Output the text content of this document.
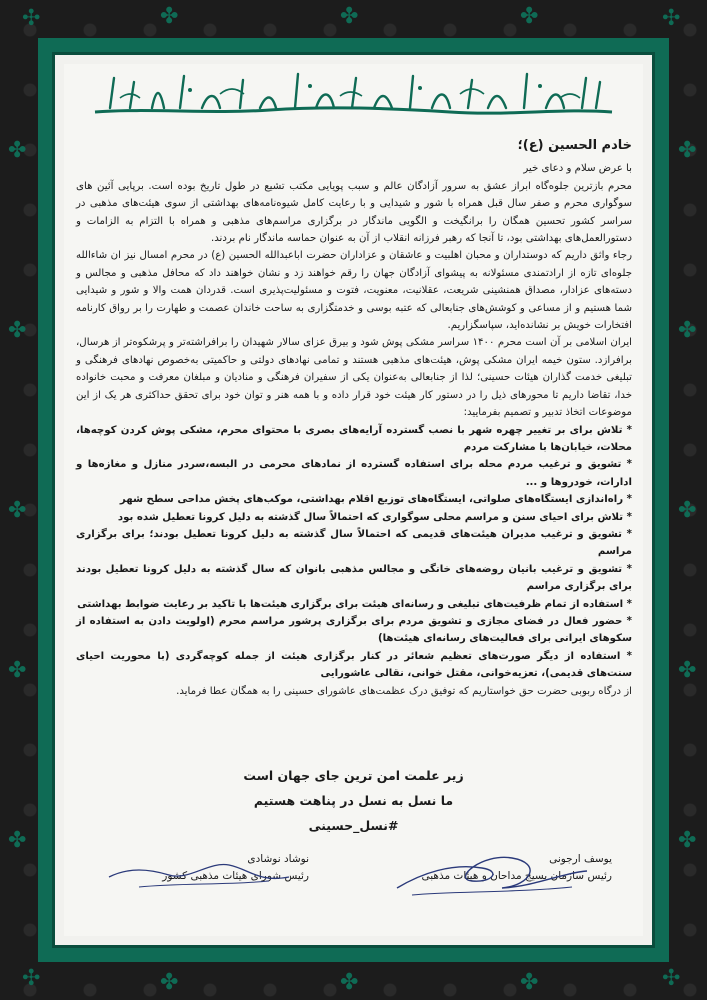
✣	✣
✣	✣
✤
✤
✤
✤
✤
✤
✤
✤
✤
✤
✤	✤	✤
✤	✤	✤

خادم الحسین (ع)؛

با عرض سلام و دعای خیر

محرم بازترین جلوه‌گاه ابراز عشق به سرور آزادگان عالم و سبب پویایی مکتب تشیع در طول تاریخ بوده است. برپایی آئین های سوگواری محرم و صفر سال قبل همراه با شور و شیدایی و با رعایت کامل شیوه‌نامه‌های بهداشتی از سوی هیئت‌های مذهبی در سراسر کشور تحسین همگان را برانگیخت و الگویی ماندگار در برگزاری مراسم‌های مذهبی و همراه با التزام به الزامات و دستورالعمل‌های بهداشتی بود، تا آنجا که رهبر فرزانه انقلاب از آن به عنوان حماسه ماندگار نام بردند.

رجاء واثق داریم که دوستداران و محبان اهلبیت و عاشقان و عزاداران حضرت اباعبدالله الحسین (ع) در محرم امسال نیز ان شاءالله جلوه‌ای تازه از ارادتمندی مسئولانه به پیشوای آزادگان جهان را رقم خواهند زد و نشان خواهند داد که محافل مذهبی و مجالس و دسته‌های عزادار، مصداق همنشینی شریعت، عقلانیت، معنویت، فتوت و مسئولیت‌پذیری است. قدردان همت والا و شور و شیدایی شما هستیم و از مساعی و کوشش‌های جنابعالی که عتبه بوسی و خدمتگزاری به ساحت خاندان عصمت و طهارت را بر رواق کارنامه افتخارات خویش بر نشانده‌اید، سپاسگزاریم.

ایران اسلامی بر آن است محرم ۱۴۰۰ سراسر مشکی پوش شود و بیرق عزای سالار شهیدان را برافراشته‌تر و پرشکوه‌تر از هرسال، برافرازد. ستون خیمه ایران مشکی پوش، هیئت‌های مذهبی هستند و تمامی نهادهای دولتی و حاکمیتی به‌خصوص نهادهای فرهنگی و تبلیغی خدمت گذاران هیئات حسینی؛ لذا از جنابعالی به‌عنوان یکی از سفیران فرهنگی و منادیان و مبلغان معرفت و محبت خانواده خدا، تقاضا داریم تا محورهای ذیل را در دستور کار هیئت خود قرار داده و با همه هنر و توان خود برای تحقق حداکثری هر یک از این موضوعات اتخاذ تدبیر و تصمیم بفرمایید:

* تلاش برای بر تغییر چهره شهر با نصب گسترده آرایه‌های بصری با محتوای محرم، مشکی پوش کردن کوچه‌ها، محلات، خیابان‌ها با مشارکت مردم

* تشویق و ترغیب مردم محله برای استفاده گسترده از نمادهای محرمی در البسه،سردر منازل و مغازه‌ها و ادارات، خودروها و ...

* راه‌اندازی ایستگاه‌های صلواتی، ایستگاه‌های توزیع اقلام بهداشتی، موکب‌های پخش مداحی سطح شهر

* تلاش برای احیای سنن و مراسم محلی سوگواری که احتمالاً سال گذشته به دلیل کرونا تعطیل شده بود

* تشویق و ترغیب مدیران هیئت‌های قدیمی که احتمالاً سال گذشته به دلیل کرونا تعطیل بودند؛ برای برگزاری مراسم

* تشویق و ترغیب بانیان روضه‌های خانگی و مجالس مذهبی بانوان که سال گذشته به دلیل کرونا تعطیل بودند برای برگزاری مراسم

* استفاده از تمام ظرفیت‌های تبلیغی و رسانه‌ای هیئت برای برگزاری هیئت‌ها با تاکید بر رعایت ضوابط بهداشتی

* حضور فعال در فضای مجازی و تشویق مردم برای برگزاری پرشور مراسم محرم (اولویت دادن به استفاده از سکوهای ایرانی برای فعالیت‌های رسانه‌ای هیئت‌ها)

* استفاده از دیگر صورت‌های تعظیم شعائر در کنار برگزاری هیئت از جمله کوچه‌گردی (با محوریت احیای سنت‌های قدیمی)، تعزیه‌خوانی، مقتل خوانی، نقالی عاشورایی

از درگاه ربوبی حضرت حق خواستاریم که توفیق درک عظمت‌های عاشورای حسینی را به همگان عطا فرماید.

زیر علمت امن ترین جای جهان است
ما نسل به نسل در پناهت هستیم
#نسل_حسینی
یوسف ارجونی
رئیس سازمان بسیج مداحان و هیئات مذهبی
نوشاد نوشادی
رئیس شورای هیئات مذهبی کشور
